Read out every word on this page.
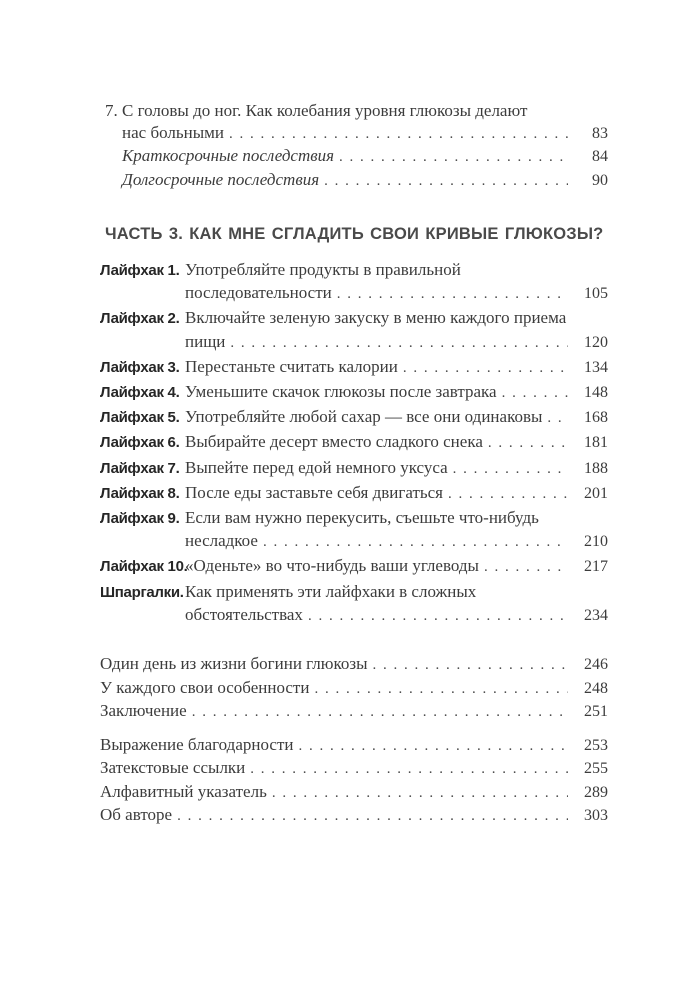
7. С головы до ног. Как колебания уровня глюкозы делают
нас больными . . .	83
Краткосрочные последствия . . .	84
Долгосрочные последствия . . .	90
ЧАСТЬ 3. КАК МНЕ СГЛАДИТЬ СВОИ КРИВЫЕ ГЛЮКОЗЫ?
Лайфхак 1. Употребляйте продукты в правильной
последовательности . . .	105
Лайфхак 2. Включайте зеленую закуску в меню каждого приема
пищи . . .	120
Лайфхак 3. Перестаньте считать калории . . .	134
Лайфхак 4. Уменьшите скачок глюкозы после завтрака . . .	148
Лайфхак 5. Употребляйте любой сахар — все они одинаковы . . .	168
Лайфхак 6. Выбирайте десерт вместо сладкого снека . . .	181
Лайфхак 7. Выпейте перед едой немного уксуса . . .	188
Лайфхак 8. После еды заставьте себя двигаться . . .	201
Лайфхак 9. Если вам нужно перекусить, съешьте что-нибудь
несладкое . . .	210
Лайфхак 10.
«Оденьте» во что-нибудь ваши углеводы . . .	217
Шпаргалки. Как применять эти лайфхаки в сложных
обстоятельствах . . .	234
Один день из жизни богини глюкозы . . .	246
У каждого свои особенности . . .	248
Заключение . . .	251
Выражение благодарности . . .	253
Затекстовые ссылки . . .	255
Алфавитный указатель . . .	289
Об авторе . . .	303
